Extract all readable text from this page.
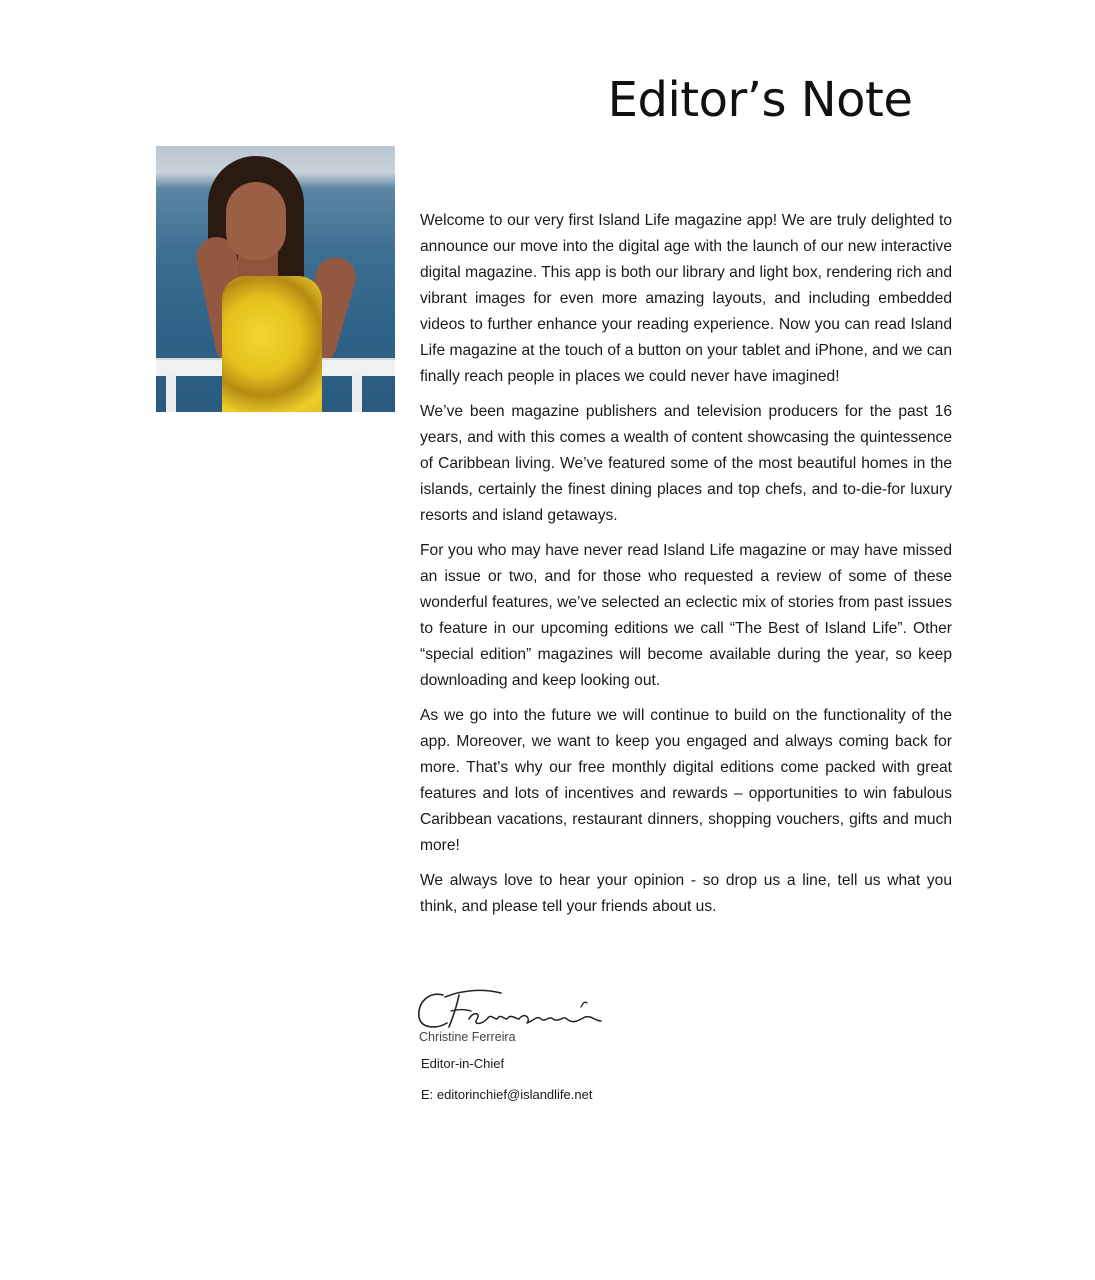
Editor’s Note

Welcome to our very first Island Life magazine app! We are truly delighted to announce our move into the digital age with the launch of our new interactive digital magazine. This app is both our library and light box, rendering rich and vibrant images for even more amazing layouts, and including embedded videos to further enhance your reading experience. Now you can read Island Life magazine at the touch of a button on your tablet and iPhone, and we can finally reach people in places we could never have imagined!

We’ve been magazine publishers and television producers for the past 16 years, and with this comes a wealth of content showcasing the quintessence of Caribbean living. We’ve featured some of the most beautiful homes in the islands, certainly the finest dining places and top chefs, and to-die-for luxury resorts and island getaways.

For you who may have never read Island Life magazine or may have missed an issue or two, and for those who requested a review of some of these wonderful features, we’ve selected an eclectic mix of stories from past issues to feature in our upcoming editions we call “The Best of Island Life”. Other “special edition” magazines will become available during the year, so keep downloading and keep looking out.

As we go into the future we will continue to build on the functionality of the app. Moreover, we want to keep you engaged and always coming back for more. That's why our free monthly digital editions come packed with great features and lots of incentives and rewards – opportunities to win fabulous Caribbean vacations, restaurant dinners, shopping vouchers, gifts and much more!

We always love to hear your opinion - so drop us a line, tell us what you think, and please tell your friends about us.

Christine Ferreira
Editor-in-Chief
E: editorinchief@islandlife.net
